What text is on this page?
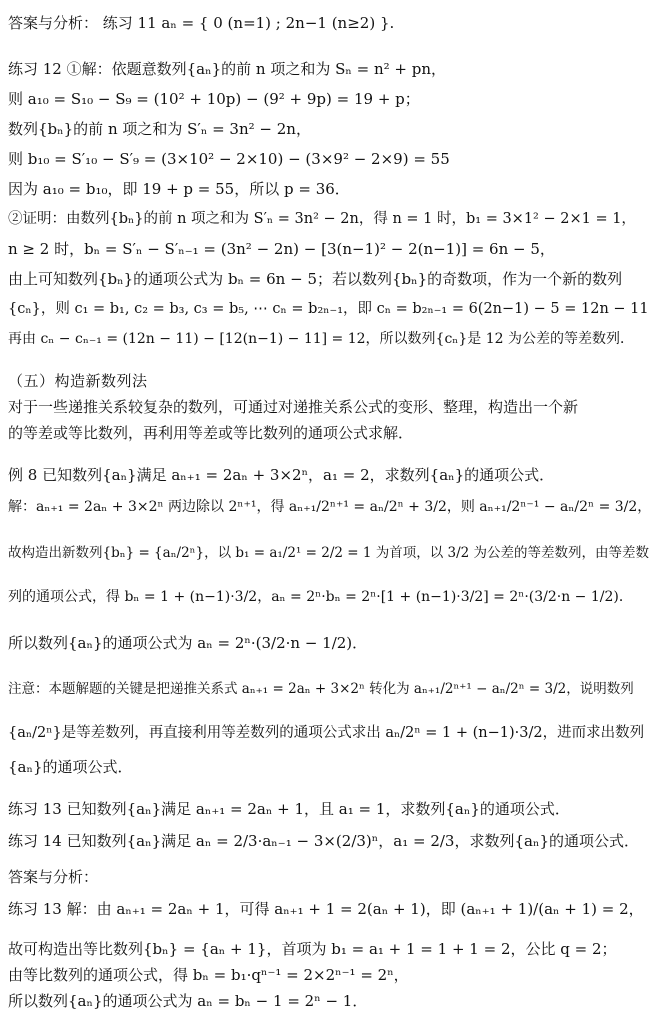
答案与分析： 练习 11 aₙ = { 0 (n=1) ; 2n−1 (n≥2) }.
练习 12 ①解：依题意数列{aₙ}的前 n 项之和为 Sₙ = n² + pn，
则 a₁₀ = S₁₀ − S₉ = (10² + 10p) − (9² + 9p) = 19 + p；
数列{bₙ}的前 n 项之和为 S′ₙ = 3n² − 2n，
则 b₁₀ = S′₁₀ − S′₉ = (3×10² − 2×10) − (3×9² − 2×9) = 55
因为 a₁₀ = b₁₀，即 19 + p = 55，所以 p = 36．
②证明：由数列{bₙ}的前 n 项之和为 S′ₙ = 3n² − 2n，得 n = 1 时，b₁ = 3×1² − 2×1 = 1，
n ≥ 2 时，bₙ = S′ₙ − S′ₙ₋₁ = (3n² − 2n) − [3(n−1)² − 2(n−1)] = 6n − 5，
由上可知数列{bₙ}的通项公式为 bₙ = 6n − 5；若以数列{bₙ}的奇数项，作为一个新的数列
{cₙ}，则 c₁ = b₁, c₂ = b₃, c₃ = b₅, ⋯ cₙ = b₂ₙ₋₁，即 cₙ = b₂ₙ₋₁ = 6(2n−1) − 5 = 12n − 11
再由 cₙ − cₙ₋₁ = (12n − 11) − [12(n−1) − 11] = 12，所以数列{cₙ}是 12 为公差的等差数列．
（五）构造新数列法
对于一些递推关系较复杂的数列，可通过对递推关系公式的变形、整理，构造出一个新
的等差或等比数列，再利用等差或等比数列的通项公式求解．
例 8 已知数列{aₙ}满足 aₙ₊₁ = 2aₙ + 3×2ⁿ，a₁ = 2，求数列{aₙ}的通项公式．
解：aₙ₊₁ = 2aₙ + 3×2ⁿ 两边除以 2ⁿ⁺¹，得 aₙ₊₁/2ⁿ⁺¹ = aₙ/2ⁿ + 3/2，则 aₙ₊₁/2ⁿ⁻¹ − aₙ/2ⁿ = 3/2，
故构造出新数列{bₙ} = {aₙ/2ⁿ}，以 b₁ = a₁/2¹ = 2/2 = 1 为首项，以 3/2 为公差的等差数列，由等差数
列的通项公式，得 bₙ = 1 + (n−1)·3/2，aₙ = 2ⁿ·bₙ = 2ⁿ·[1 + (n−1)·3/2] = 2ⁿ·(3/2·n − 1/2)．
所以数列{aₙ}的通项公式为 aₙ = 2ⁿ·(3/2·n − 1/2)．
注意：本题解题的关键是把递推关系式 aₙ₊₁ = 2aₙ + 3×2ⁿ 转化为 aₙ₊₁/2ⁿ⁺¹ − aₙ/2ⁿ = 3/2，说明数列
{aₙ/2ⁿ}是等差数列，再直接利用等差数列的通项公式求出 aₙ/2ⁿ = 1 + (n−1)·3/2，进而求出数列
{aₙ}的通项公式．
练习 13 已知数列{aₙ}满足 aₙ₊₁ = 2aₙ + 1，且 a₁ = 1，求数列{aₙ}的通项公式．
练习 14 已知数列{aₙ}满足 aₙ = 2/3·aₙ₋₁ − 3×(2/3)ⁿ，a₁ = 2/3，求数列{aₙ}的通项公式．
答案与分析：
练习 13 解：由 aₙ₊₁ = 2aₙ + 1，可得 aₙ₊₁ + 1 = 2(aₙ + 1)，即 (aₙ₊₁ + 1)/(aₙ + 1) = 2，
故可构造出等比数列{bₙ} = {aₙ + 1}，首项为 b₁ = a₁ + 1 = 1 + 1 = 2，公比 q = 2；
由等比数列的通项公式，得 bₙ = b₁·qⁿ⁻¹ = 2×2ⁿ⁻¹ = 2ⁿ，
所以数列{aₙ}的通项公式为 aₙ = bₙ − 1 = 2ⁿ − 1．
